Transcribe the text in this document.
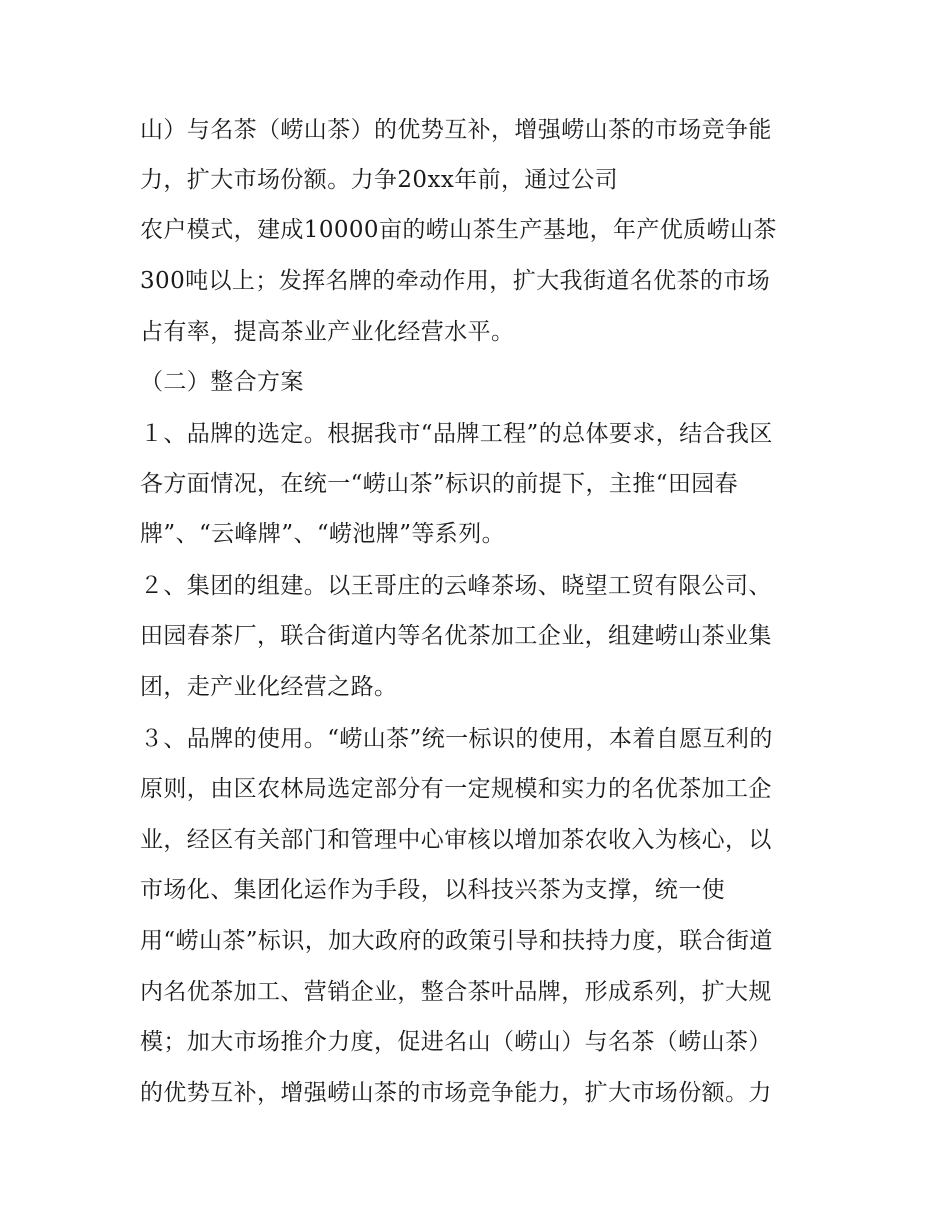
山）与名茶（崂山茶）的优势互补，增强崂山茶的市场竞争能
力，扩大市场份额。力争20xx年前，通过公司
农户模式，建成10000亩的崂山茶生产基地，年产优质崂山茶
300吨以上；发挥名牌的牵动作用，扩大我街道名优茶的市场
占有率，提高茶业产业化经营水平。
（二）整合方案
１、品牌的选定。根据我市“品牌工程”的总体要求，结合我区
各方面情况，在统一“崂山茶”标识的前提下，主推“田园春
牌”、“云峰牌”、“崂池牌”等系列。
２、集团的组建。以王哥庄的云峰茶场、晓望工贸有限公司、
田园春茶厂，联合街道内等名优茶加工企业，组建崂山茶业集
团，走产业化经营之路。
３、品牌的使用。“崂山茶”统一标识的使用，本着自愿互利的
原则，由区农林局选定部分有一定规模和实力的名优茶加工企
业，经区有关部门和管理中心审核以增加茶农收入为核心，以
市场化、集团化运作为手段，以科技兴茶为支撑，统一使
用“崂山茶”标识，加大政府的政策引导和扶持力度，联合街道
内名优茶加工、营销企业，整合茶叶品牌，形成系列，扩大规
模；加大市场推介力度，促进名山（崂山）与名茶（崂山茶）
的优势互补，增强崂山茶的市场竞争能力，扩大市场份额。力
